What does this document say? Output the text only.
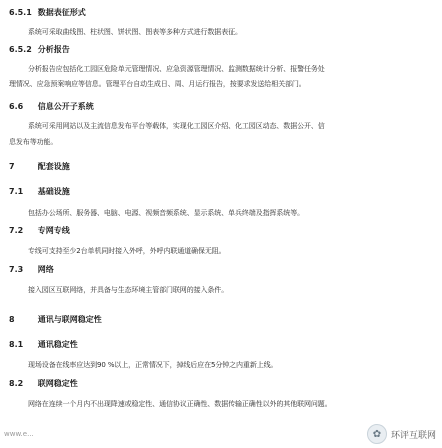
6.5.1 数据表征形式
系统可采取曲线图、柱状图、饼状图、图表等多种方式进行数据表征。
6.5.2 分析报告
分析报告应包括化工园区危险单元管理情况、应急资源管理情况、监测数据统计分析、报警任务处
理情况、应急预案响应等信息。管理平台自动生成日、周、月运行报告，按要求发送给相关部门。
6.6 信息公开子系统
系统可采用网站以及主流信息发布平台等载体，实现化工园区介绍、化工园区动态、数据公开、信
息发布等功能。
7	配套设施
7.1 基础设施
包括办公场所、服务器、电脑、电源、视频音频系统、显示系统、单兵终端及指挥系统等。
7.2 专网专线
专线可支持至少2台单机同时接入外呼，外呼内联通道确保无阻。
7.3 网络
接入园区互联网络，并具备与生态环境主管部门联网的接入条件。
8	通讯与联网稳定性
8.1 通讯稳定性
现场设备在线率应达到90 %以上，正常情况下，掉线后应在5分钟之内重新上线。
8.2 联网稳定性
网络在连续一个月内不出现降速或稳定性、通信协议正确性、数据传输正确性以外的其他联网问题。
www.e...	✿	环评互联网
